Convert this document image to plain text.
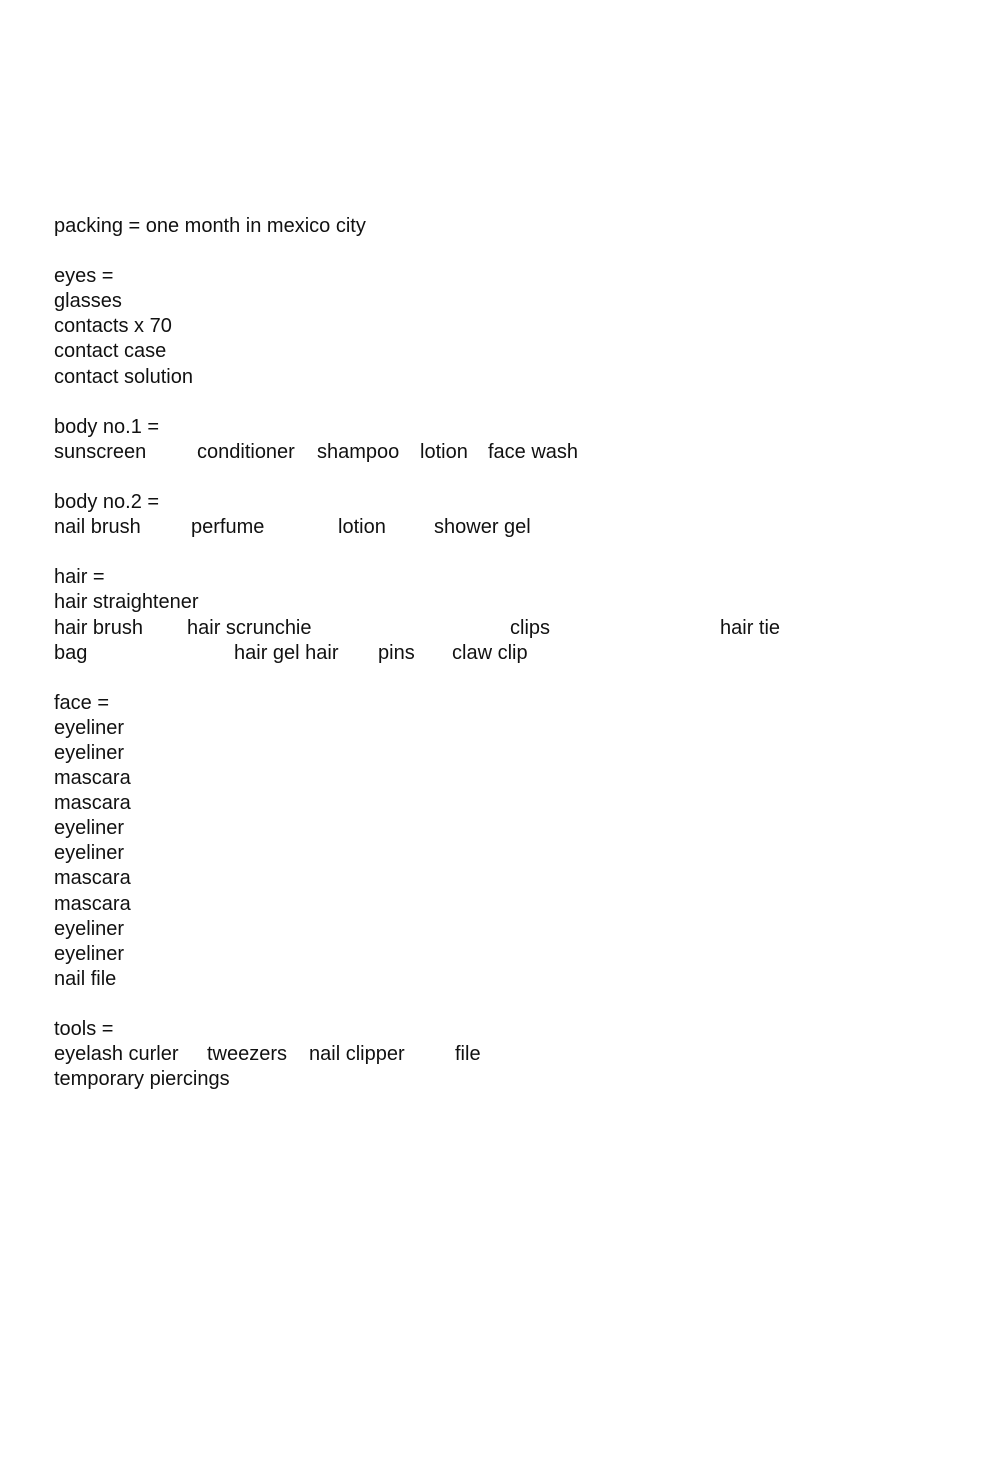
packing = one month in mexico city
eyes =
glasses
contacts x 70
contact case
contact solution
body no.1 =

sunscreen

	conditioner

shampoo

lotion

face wash

body no.2 =

nail brush

	perfume

	lotion

shower gel

hair =
hair straightener

hair brush

hair scrunchie

	clips

	hair tie

bag

	hair gel hair

pins

claw clip

face =
eyeliner
eyeliner
mascara
mascara
eyeliner
eyeliner
mascara
mascara
eyeliner
eyeliner
nail file
tools =

eyelash curler

tweezers

nail clipper

	file

temporary piercings
